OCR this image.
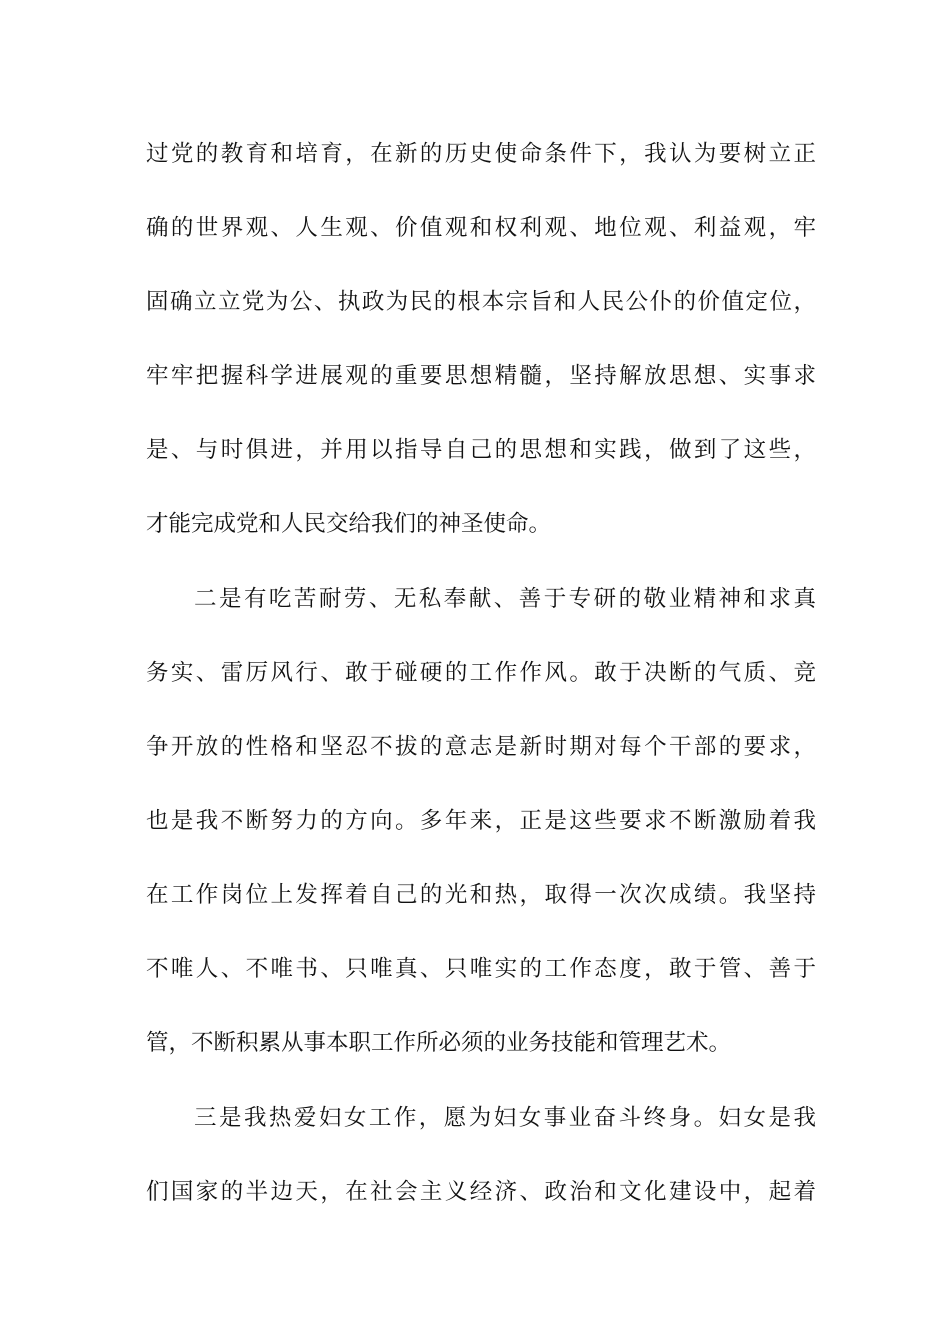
过党的教育和培育，在新的历史使命条件下，我认为要树立正
确的世界观、人生观、价值观和权利观、地位观、利益观，牢
固确立立党为公、执政为民的根本宗旨和人民公仆的价值定位，
牢牢把握科学进展观的重要思想精髓，坚持解放思想、实事求
是、与时俱进，并用以指导自己的思想和实践，做到了这些，
才能完成党和人民交给我们的神圣使命。
二是有吃苦耐劳、无私奉献、善于专研的敬业精神和求真
务实、雷厉风行、敢于碰硬的工作作风。敢于决断的气质、竞
争开放的性格和坚忍不拔的意志是新时期对每个干部的要求，
也是我不断努力的方向。多年来，正是这些要求不断激励着我
在工作岗位上发挥着自己的光和热，取得一次次成绩。我坚持
不唯人、不唯书、只唯真、只唯实的工作态度，敢于管、善于
管，不断积累从事本职工作所必须的业务技能和管理艺术。
三是我热爱妇女工作，愿为妇女事业奋斗终身。妇女是我
们国家的半边天，在社会主义经济、政治和文化建设中，起着
